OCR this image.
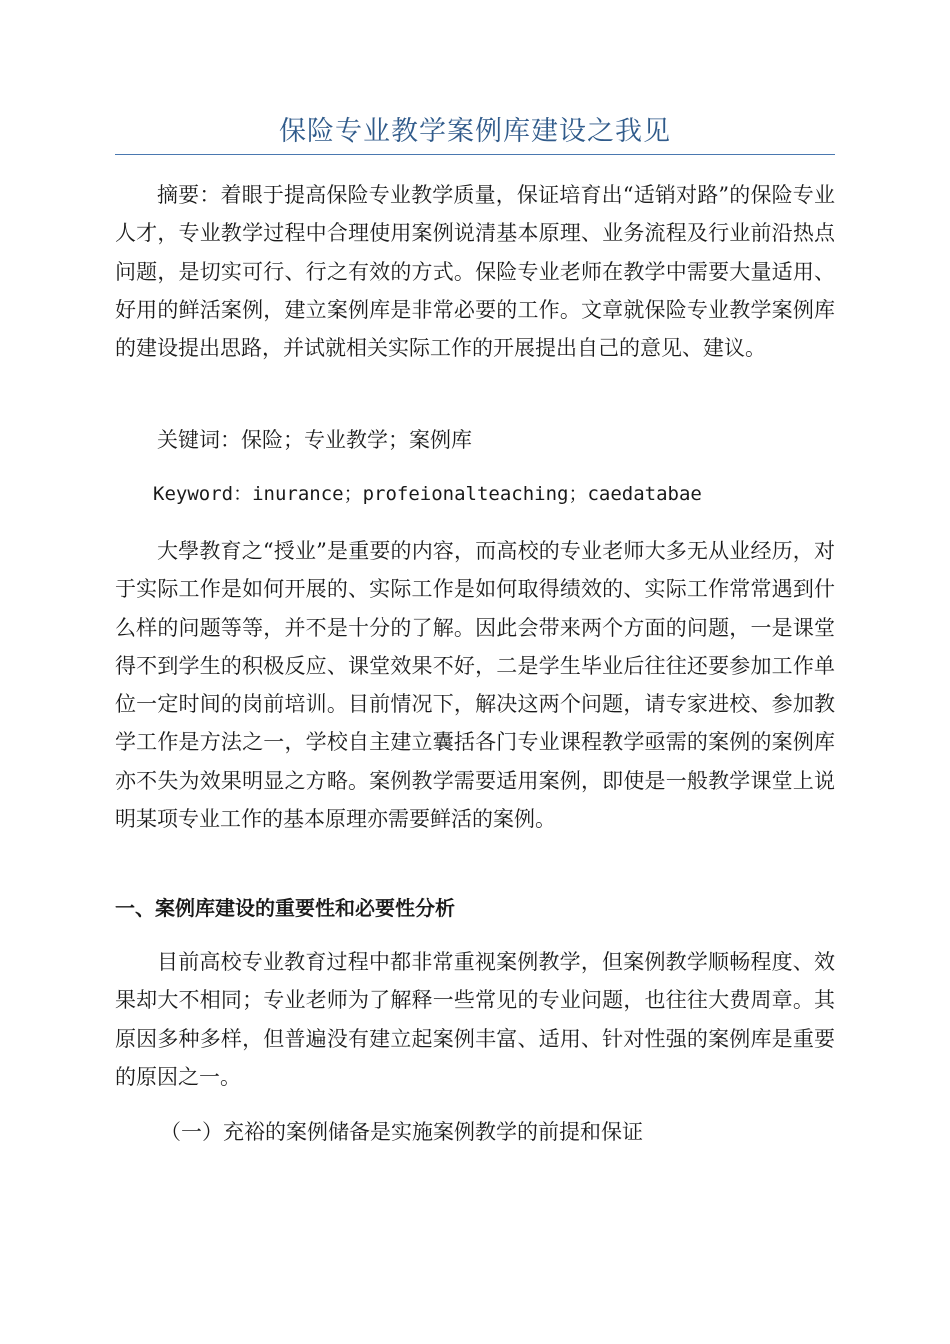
保险专业教学案例库建设之我见

摘要：着眼于提高保险专业教学质量，保证培育出“适销对路”的保险专业人才，专业教学过程中合理使用案例说清基本原理、业务流程及行业前沿热点问题，是切实可行、行之有效的方式。保险专业老师在教学中需要大量适用、好用的鲜活案例，建立案例库是非常必要的工作。文章就保险专业教学案例库的建设提出思路，并试就相关实际工作的开展提出自己的意见、建议。

关键词：保险；专业教学；案例库

Keyword：inurance；profeionalteaching；caedatabae

大學教育之“授业”是重要的内容，而高校的专业老师大多无从业经历，对于实际工作是如何开展的、实际工作是如何取得绩效的、实际工作常常遇到什么样的问题等等，并不是十分的了解。因此会带来两个方面的问题，一是课堂得不到学生的积极反应、课堂效果不好，二是学生毕业后往往还要参加工作单位一定时间的岗前培训。目前情况下，解决这两个问题，请专家进校、参加教学工作是方法之一，学校自主建立囊括各门专业课程教学亟需的案例的案例库亦不失为效果明显之方略。案例教学需要适用案例，即使是一般教学课堂上说明某项专业工作的基本原理亦需要鲜活的案例。

一、案例库建设的重要性和必要性分析

目前高校专业教育过程中都非常重视案例教学，但案例教学顺畅程度、效果却大不相同；专业老师为了解释一些常见的专业问题，也往往大费周章。其原因多种多样，但普遍没有建立起案例丰富、适用、针对性强的案例库是重要的原因之一。

（一）充裕的案例储备是实施案例教学的前提和保证
